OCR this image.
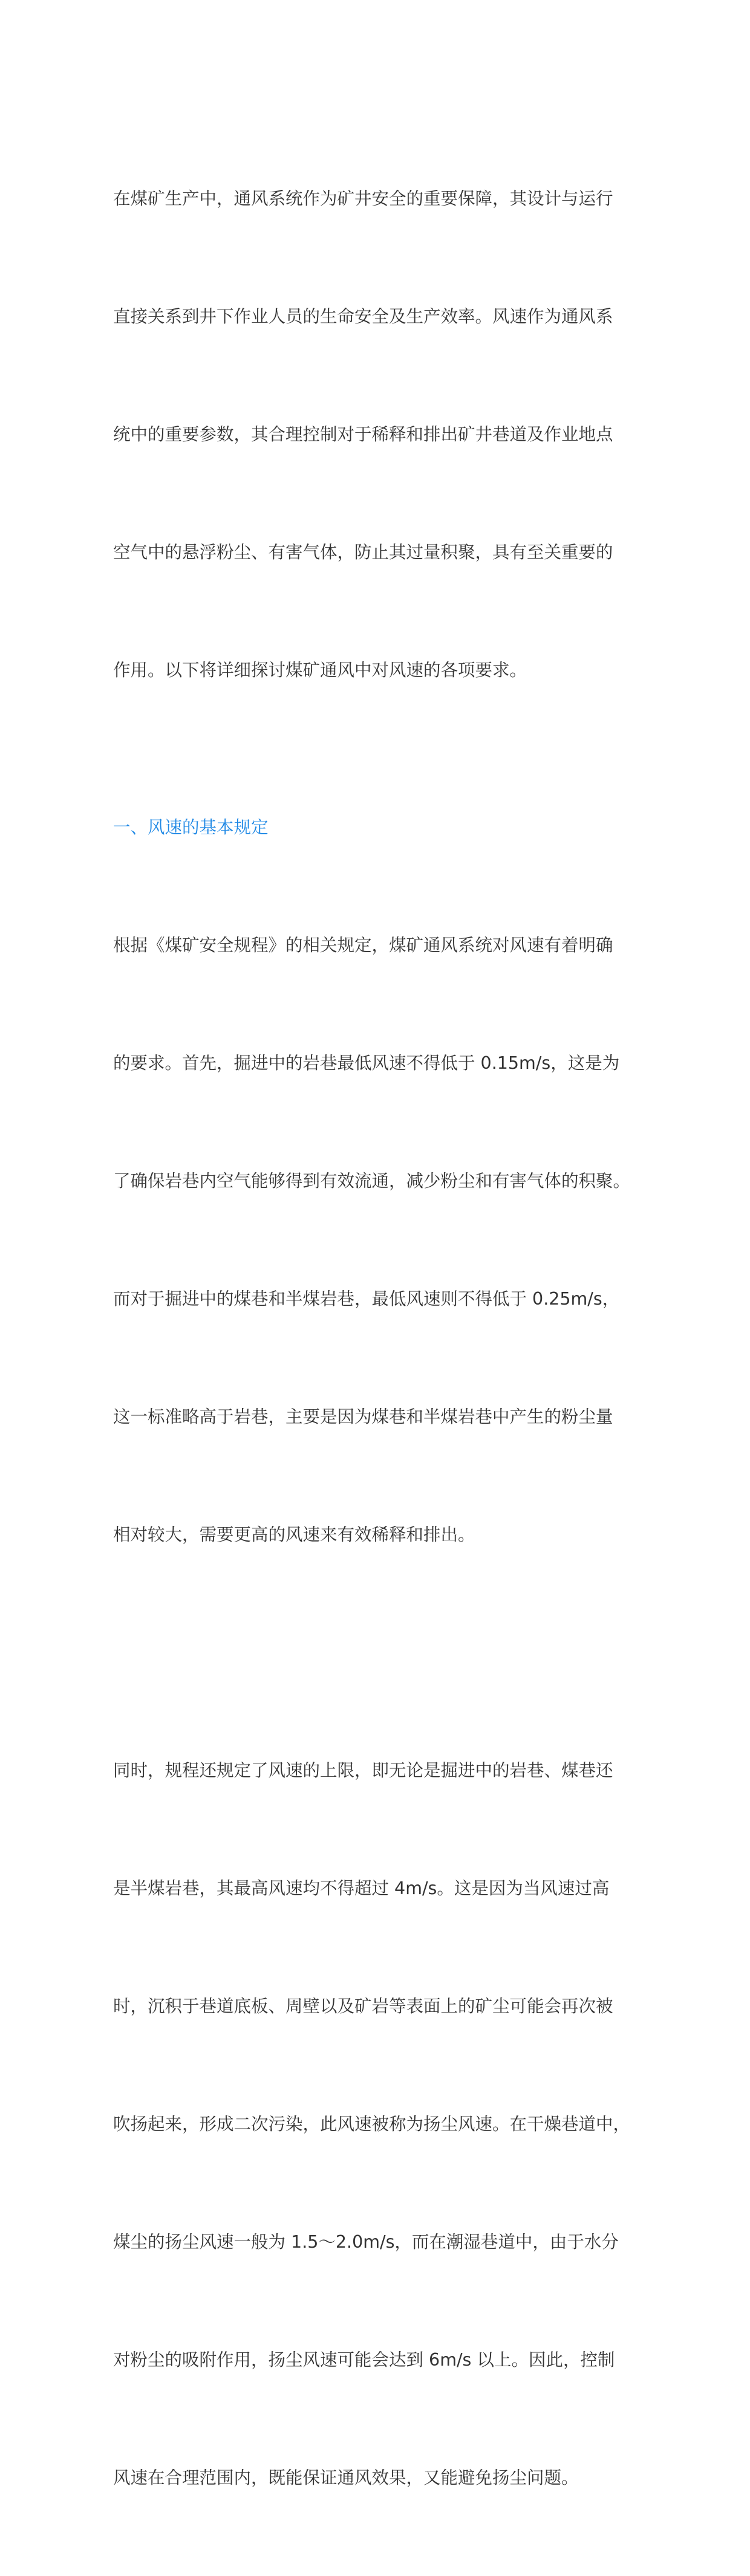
在煤矿生产中，通风系统作为矿井安全的重要保障，其设计与运行

直接关系到井下作业人员的生命安全及生产效率。风速作为通风系

统中的重要参数，其合理控制对于稀释和排出矿井巷道及作业地点

空气中的悬浮粉尘、有害气体，防止其过量积聚，具有至关重要的

作用。以下将详细探讨煤矿通风中对风速的各项要求。

一、风速的基本规定

根据《煤矿安全规程》的相关规定，煤矿通风系统对风速有着明确

的要求。首先，掘进中的岩巷最低风速不得低于 0.15m/s，这是为

了确保岩巷内空气能够得到有效流通，减少粉尘和有害气体的积聚。

而对于掘进中的煤巷和半煤岩巷，最低风速则不得低于 0.25m/s，

这一标准略高于岩巷，主要是因为煤巷和半煤岩巷中产生的粉尘量

相对较大，需要更高的风速来有效稀释和排出。

同时，规程还规定了风速的上限，即无论是掘进中的岩巷、煤巷还

是半煤岩巷，其最高风速均不得超过 4m/s。这是因为当风速过高

时，沉积于巷道底板、周壁以及矿岩等表面上的矿尘可能会再次被

吹扬起来，形成二次污染，此风速被称为扬尘风速。在干燥巷道中，

煤尘的扬尘风速一般为 1.5～2.0m/s，而在潮湿巷道中，由于水分

对粉尘的吸附作用，扬尘风速可能会达到 6m/s 以上。因此，控制

风速在合理范围内，既能保证通风效果，又能避免扬尘问题。
